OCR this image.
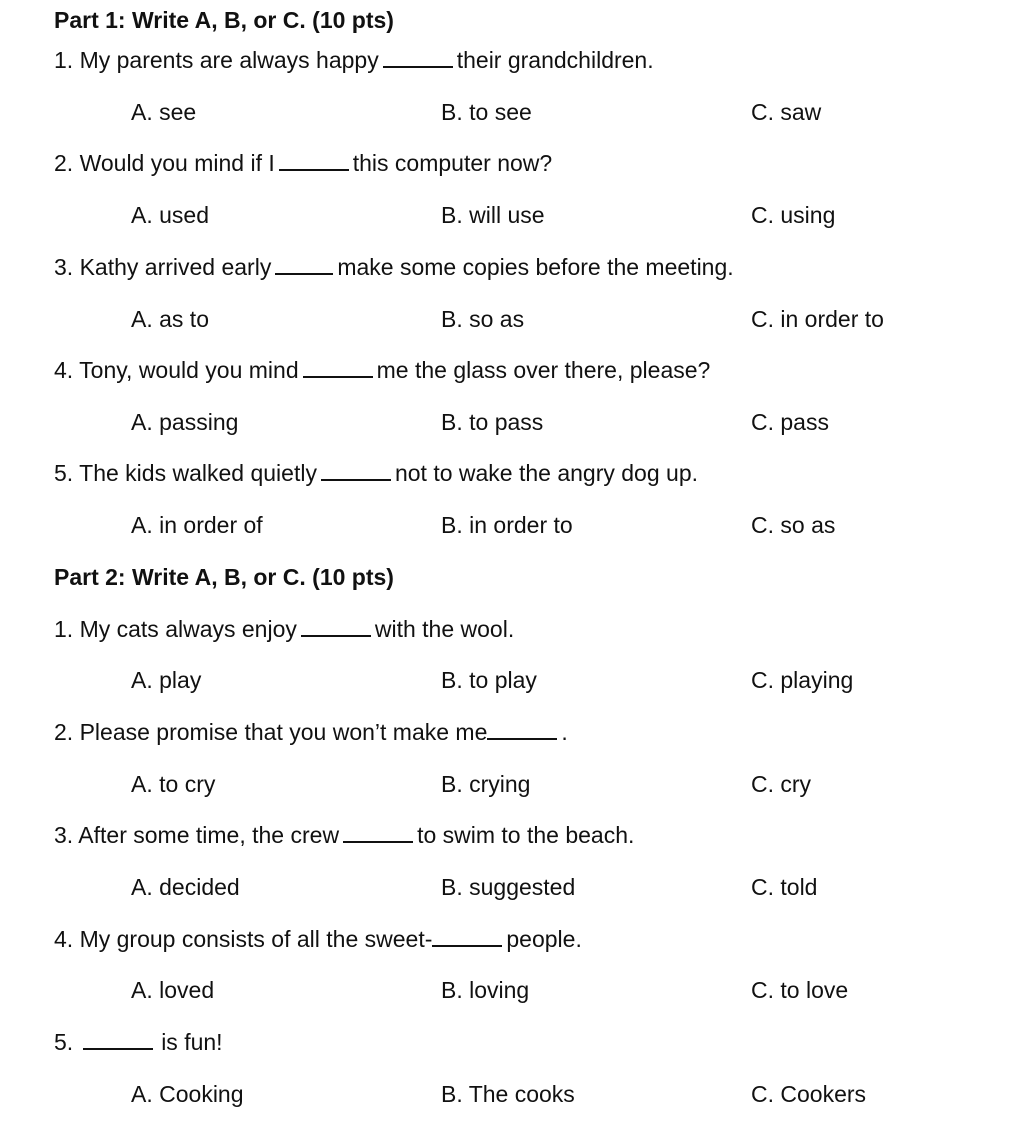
Part 1: Write A, B, or C. (10 pts)
1. My parents are always happy	their grandchildren.
A. see	B. to see	C. saw
2. Would you mind if I	this computer now?
A. used	B. will use	C. using
3. Kathy arrived early	make some copies before the meeting.
A. as to	B. so as	C. in order to
4. Tony, would you mind	me the glass over there, please?
A. passing	B. to pass	C. pass
5. The kids walked quietly	not to wake the angry dog up.
A. in order of	B. in order to	C. so as
Part 2: Write A, B, or C. (10 pts)
1. My cats always enjoy	with the wool.
A. play	B. to play	C. playing
2. Please promise that you won’t make me	.
A. to cry	B. crying	C. cry
3. After some time, the crew	to swim to the beach.
A. decided	B. suggested	C. told
4. My group consists of all the sweet-	people.
A. loved	B. loving	C. to love
5.	is fun!
A. Cooking	B. The cooks	C. Cookers
